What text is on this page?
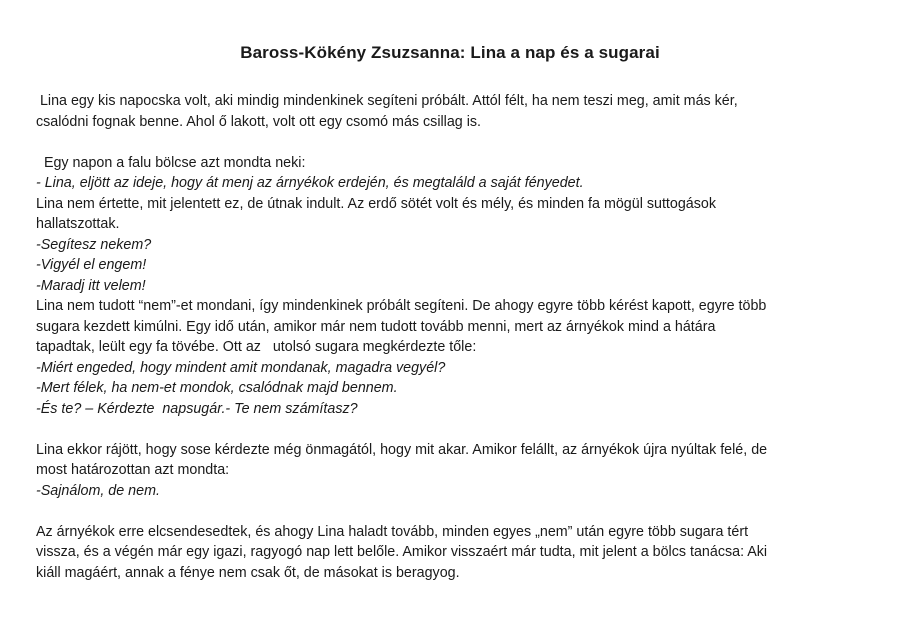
Baross-Kökény Zsuzsanna: Lina a nap és a sugarai
Lina egy kis napocska volt, aki mindig mindenkinek segíteni próbált. Attól félt, ha nem teszi meg, amit más kér,
csalódni fognak benne. Ahol ő lakott, volt ott egy csomó más csillag is.
Egy napon a falu bölcse azt mondta neki:
- Lina, eljött az ideje, hogy át menj az árnyékok erdején, és megtaláld a saját fényedet.
Lina nem értette, mit jelentett ez, de útnak indult. Az erdő sötét volt és mély, és minden fa mögül suttogások
hallatszottak.
-Segítesz nekem?
-Vigyél el engem!
-Maradj itt velem!
Lina nem tudott “nem”-et mondani, így mindenkinek próbált segíteni. De ahogy egyre több kérést kapott, egyre több
sugara kezdett kimúlni. Egy idő után, amikor már nem tudott tovább menni, mert az árnyékok mind a hátára
tapadtak, leült egy fa tövébe. Ott az   utolsó sugara megkérdezte tőle:
-Miért engeded, hogy mindent amit mondanak, magadra vegyél?
-Mert félek, ha nem-et mondok, csalódnak majd bennem.
-És te? – Kérdezte  napsugár.- Te nem számítasz?
Lina ekkor rájött, hogy sose kérdezte még önmagától, hogy mit akar. Amikor felállt, az árnyékok újra nyúltak felé, de
most határozottan azt mondta:
-Sajnálom, de nem.
Az árnyékok erre elcsendesedtek, és ahogy Lina haladt tovább, minden egyes „nem” után egyre több sugara tért
vissza, és a végén már egy igazi, ragyogó nap lett belőle. Amikor visszaért már tudta, mit jelent a bölcs tanácsa: Aki
kiáll magáért, annak a fénye nem csak őt, de másokat is beragyog.
